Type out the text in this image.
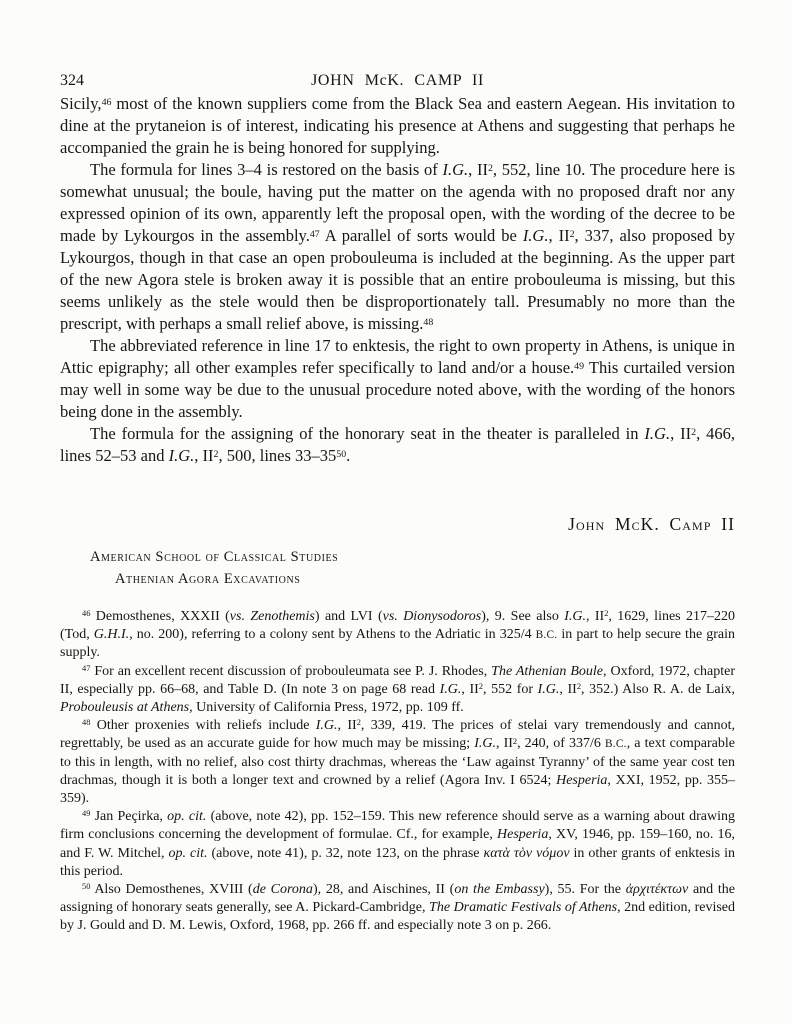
324	JOHN McK. CAMP II

Sicily,$^{46}$ most of the known suppliers come from the Black Sea and eastern Aegean. His invitation to dine at the prytaneion is of interest, indicating his presence at Athens and suggesting that perhaps he accompanied the grain he is being honored for supplying.

The formula for lines 3–4 is restored on the basis of I.G., $II^2$, 552, line 10. The procedure here is somewhat unusual; the boule, having put the matter on the agenda with no proposed draft nor any expressed opinion of its own, apparently left the proposal open, with the wording of the decree to be made by Lykourgos in the assembly.$^{47}$ A parallel of sorts would be I.G., $II^2$, 337, also proposed by Lykourgos, though in that case an open probouleuma is included at the beginning. As the upper part of the new Agora stele is broken away it is possible that an entire probouleuma is missing, but this seems unlikely as the stele would then be disproportionately tall. Presumably no more than the prescript, with perhaps a small relief above, is missing.$^{48}$

The abbreviated reference in line 17 to enktesis, the right to own property in Athens, is unique in Attic epigraphy; all other examples refer specifically to land and/or a house.$^{49}$ This curtailed version may well in some way be due to the unusual procedure noted above, with the wording of the honors being done in the assembly.

The formula for the assigning of the honorary seat in the theater is paralleled in I.G., $II^2$, 466, lines 52–53 and I.G., $II^2$, 500, lines $33-35^{50}$.

John McK. Camp II
American School of Classical Studies
Athenian Agora Excavations

$^{46}$ Demosthenes, XXXII (vs. Zenothemis) and LVI (vs. Dionysodoros), 9. See also I.G., $II^2$, 1629, lines 217–220 (Tod, G.H.I., no. 200), referring to a colony sent by Athens to the Adriatic in 325/4 B.C. in part to help secure the grain supply.

$^{47}$ For an excellent recent discussion of probouleumata see P. J. Rhodes, The Athenian Boule, Oxford, 1972, chapter II, especially pp. 66–68, and Table D. (In note 3 on page 68 read I.G., $II^2$, 552 for I.G., $II^2$, 352.) Also R. A. de Laix, Probouleusis at Athens, University of California Press, 1972, pp. 109 ff.

$^{48}$ Other proxenies with reliefs include I.G., $II^2$, 339, 419. The prices of stelai vary tremendously and cannot, regrettably, be used as an accurate guide for how much may be missing; I.G., $II^2$, 240, of 337/6 B.C., a text comparable to this in length, with no relief, also cost thirty drachmas, whereas the ‘Law against Tyranny’ of the same year cost ten drachmas, though it is both a longer text and crowned by a relief (Agora Inv. I 6524; Hesperia, XXI, 1952, pp. 355–359).

$^{49}$ Jan Peçirka, op. cit. (above, note 42), pp. 152–159. This new reference should serve as a warning about drawing firm conclusions concerning the development of formulae. Cf., for example, Hesperia, XV, 1946, pp. 159–160, no. 16, and F. W. Mitchel, op. cit. (above, note 41), p. 32, note 123, on the phrase κατὰ τὸν νόμον in other grants of enktesis in this period.

$^{50}$ Also Demosthenes, XVIII (de Corona), 28, and Aischines, II (on the Embassy), 55. For the ἀρχιτέκτων and the assigning of honorary seats generally, see A. Pickard-Cambridge, The Dramatic Festivals of Athens, 2nd edition, revised by J. Gould and D. M. Lewis, Oxford, 1968, pp. 266 ff. and especially note 3 on p. 266.
